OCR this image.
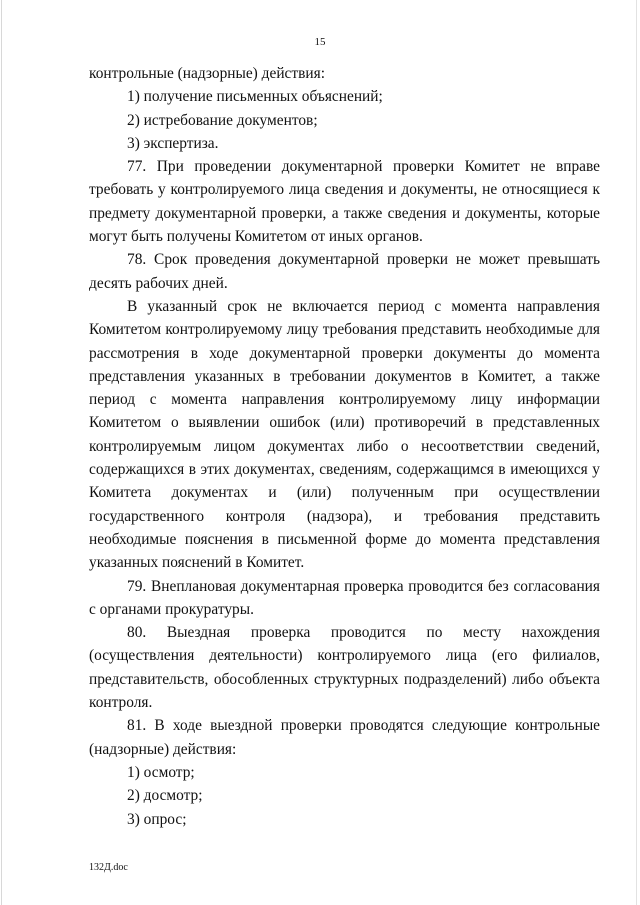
15

контрольные (надзорные) действия:

1) получение письменных объяснений;

2) истребование документов;

3) экспертиза.

77. При проведении документарной проверки Комитет не вправе требовать у контролируемого лица сведения и документы, не относящиеся к предмету документарной проверки, а также сведения и документы, которые могут быть получены Комитетом от иных органов.

78. Срок проведения документарной проверки не может превышать десять рабочих дней.

В указанный срок не включается период с момента направления Комитетом контролируемому лицу требования представить необходимые для рассмотрения в ходе документарной проверки документы до момента представления указанных в требовании документов в Комитет, а также период с момента направления контролируемому лицу информации Комитетом о выявлении ошибок (или) противоречий в представленных контролируемым лицом документах либо о несоответствии сведений, содержащихся в этих документах, сведениям, содержащимся в имеющихся у Комитета документах и (или) полученным при осуществлении государственного контроля (надзора), и требования представить необходимые пояснения в письменной форме до момента представления указанных пояснений в Комитет.

79. Внеплановая документарная проверка проводится без согласования с органами прокуратуры.

80. Выездная проверка проводится по месту нахождения (осуществления деятельности) контролируемого лица (его филиалов, представительств, обособленных структурных подразделений) либо объекта контроля.

81. В ходе выездной проверки проводятся следующие контрольные (надзорные) действия:

1) осмотр;

2) досмотр;

3) опрос;

132Д.doc
